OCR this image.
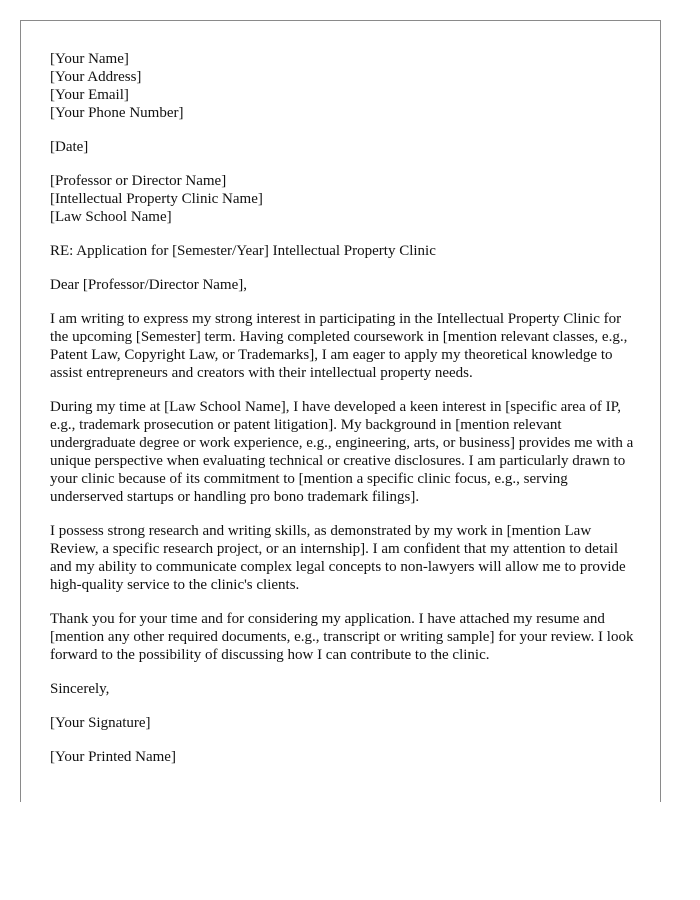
[Your Name]
[Your Address]
[Your Email]
[Your Phone Number]
[Date]
[Professor or Director Name]
[Intellectual Property Clinic Name]
[Law School Name]

RE: Application for [Semester/Year] Intellectual Property Clinic

Dear [Professor/Director Name],

I am writing to express my strong interest in participating in the Intellectual Property Clinic for the upcoming [Semester] term. Having completed coursework in [mention relevant classes, e.g., Patent Law, Copyright Law, or Trademarks], I am eager to apply my theoretical knowledge to assist entrepreneurs and creators with their intellectual property needs.

During my time at [Law School Name], I have developed a keen interest in [specific area of IP, e.g., trademark prosecution or patent litigation]. My background in [mention relevant undergraduate degree or work experience, e.g., engineering, arts, or business] provides me with a unique perspective when evaluating technical or creative disclosures. I am particularly drawn to your clinic because of its commitment to [mention a specific clinic focus, e.g., serving underserved startups or handling pro bono trademark filings].

I possess strong research and writing skills, as demonstrated by my work in [mention Law Review, a specific research project, or an internship]. I am confident that my attention to detail and my ability to communicate complex legal concepts to non-lawyers will allow me to provide high-quality service to the clinic's clients.

Thank you for your time and for considering my application. I have attached my resume and [mention any other required documents, e.g., transcript or writing sample] for your review. I look forward to the possibility of discussing how I can contribute to the clinic.

Sincerely,

[Your Signature]

[Your Printed Name]
